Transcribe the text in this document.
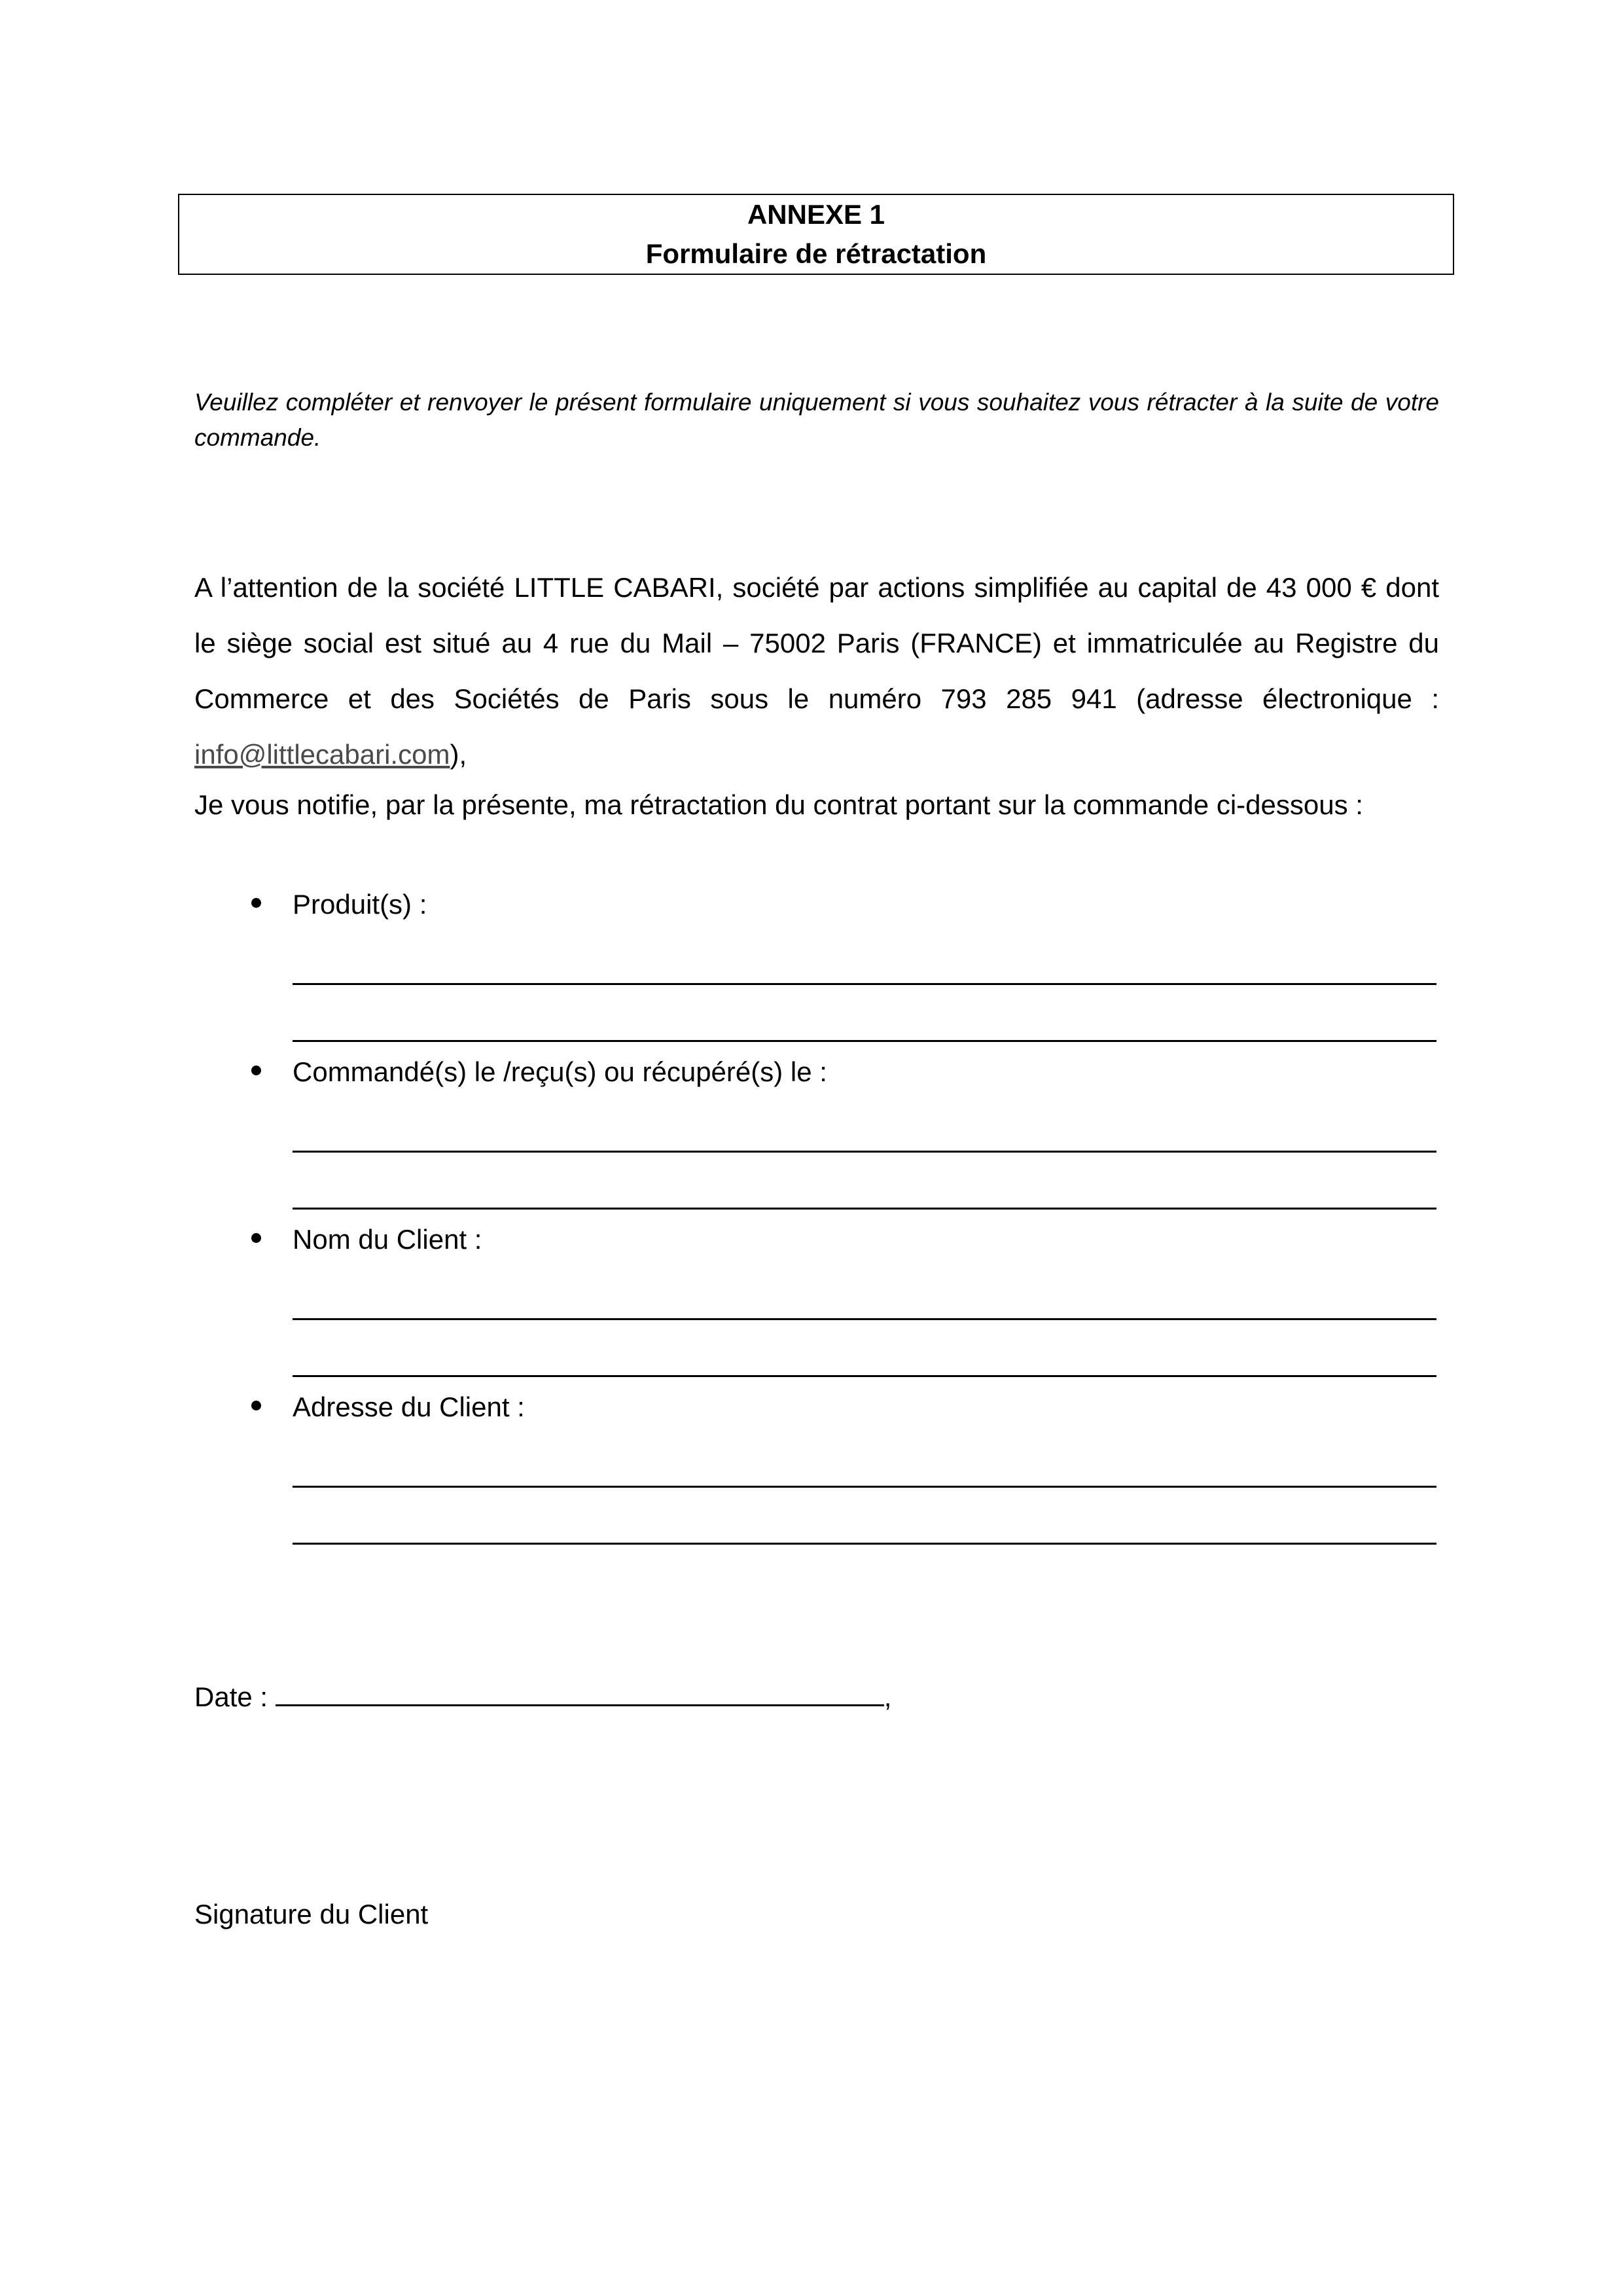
ANNEXE 1
Formulaire de rétractation
Veuillez compléter et renvoyer le présent formulaire uniquement si vous souhaitez vous rétracter à la suite de votre commande.
A l’attention de la société LITTLE CABARI, société par actions simplifiée au capital de 43 000 € dont le siège social est situé au 4 rue du Mail – 75002 Paris (FRANCE) et immatriculée au Registre du Commerce et des Sociétés de Paris sous le numéro 793 285 941 (adresse électronique : info@littlecabari.com),
Je vous notifie, par la présente, ma rétractation du contrat portant sur la commande ci-dessous :
Produit(s) :
Commandé(s) le /reçu(s) ou récupéré(s) le :
Nom du Client :
Adresse du Client :
Date :	,
Signature du Client
